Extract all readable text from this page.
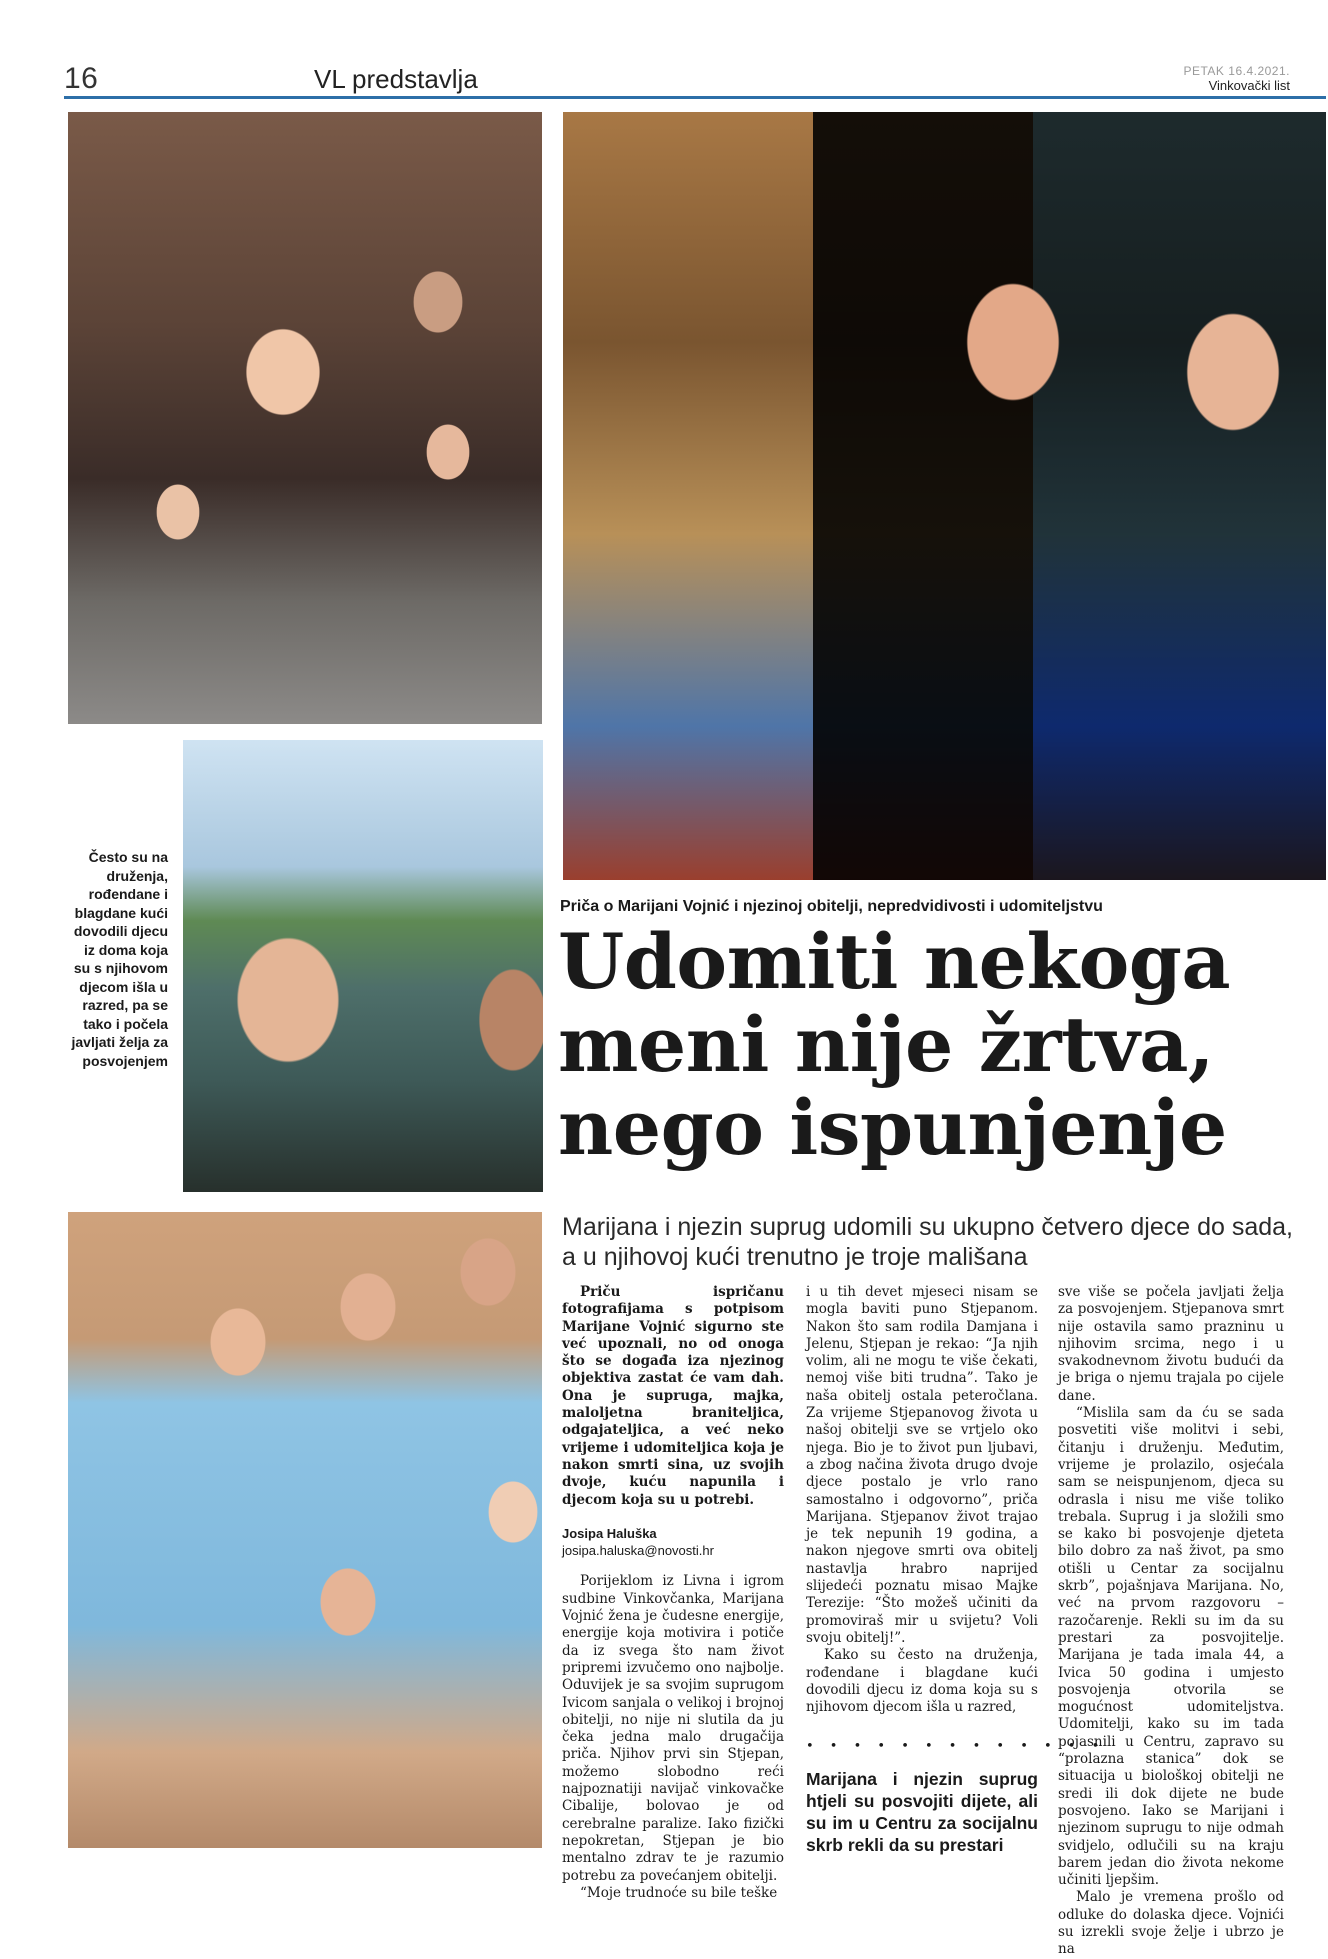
16	VL predstavlja	PETAK 16.4.2021.
Vinkovački list
Često su na druženja, rođendane i blagdane kući dovodili djecu iz doma koja su s njihovom djecom išla u razred, pa se tako i počela javljati želja za posvojenjem
Priča o Marijani Vojnić i njezinoj obitelji, nepredvidivosti i udomiteljstvu
Udomiti nekoga
meni nije žrtva,
nego ispunjenje
Marijana i njezin suprug udomili su ukupno četvero djece do sada, a u njihovoj kući trenutno je troje mališana

Priču ispričanu fotografijama s potpisom Marijane Vojnić sigurno ste već upoznali, no od onoga što se događa iza njezinog objektiva zastat će vam dah. Ona je supruga, majka, maloljetna braniteljica, odgajateljica, a već neko vrijeme i udomiteljica koja je nakon smrti sina, uz svojih dvoje, kuću napunila i djecom koja su u potrebi.

Josipa Haluška
josipa.haluska@novosti.hr

Porijeklom iz Livna i igrom sudbine Vinkovčanka, Marijana Vojnić žena je čudesne energije, energije koja motivira i potiče da iz svega što nam život pripremi izvučemo ono najbolje. Oduvijek je sa svojim suprugom Ivicom sanjala o velikoj i brojnoj obitelji, no nije ni slutila da ju čeka jedna malo drugačija priča. Njihov prvi sin Stjepan, možemo slobodno reći najpoznatiji navijač vinkovačke Cibalije, bolovao je od cerebralne paralize. Iako fizički nepokretan, Stjepan je bio mentalno zdrav te je razumio potrebu za povećanjem obitelji.

“Moje trudnoće su bile teške

i u tih devet mjeseci nisam se mogla baviti puno Stjepanom. Nakon što sam rodila Damjana i Jelenu, Stjepan je rekao: “Ja njih volim, ali ne mogu te više čekati, nemoj više biti trudna”. Tako je naša obitelj ostala peteročlana. Za vrijeme Stjepanovog života u našoj obitelji sve se vrtjelo oko njega. Bio je to život pun ljubavi, a zbog načina života drugo dvoje djece postalo je vrlo rano samostalno i odgovorno”, priča Marijana. Stjepanov život trajao je tek nepunih 19 godina, a nakon njegove smrti ova obitelj nastavlja hrabro naprijed slijedeći poznatu misao Majke Terezije: “Što možeš učiniti da promoviraš mir u svijetu? Voli svoju obitelj!”.

Kako su često na druženja, rođendane i blagdane kući dovodili djecu iz doma koja su s njihovom djecom išla u razred,

• • • • • • • • • • • • •
Marijana i njezin suprug htjeli su posvojiti dijete, ali su im u Centru za socijalnu skrb rekli da su prestari

sve više se počela javljati želja za posvojenjem. Stjepanova smrt nije ostavila samo prazninu u njihovim srcima, nego i u svakodnevnom životu budući da je briga o njemu trajala po cijele dane.

“Mislila sam da ću se sada posvetiti više molitvi i sebi, čitanju i druženju. Međutim, vrijeme je prolazilo, osjećala sam se neispunjenom, djeca su odrasla i nisu me više toliko trebala. Suprug i ja složili smo se kako bi posvojenje djeteta bilo dobro za naš život, pa smo otišli u Centar za socijalnu skrb”, pojašnjava Marijana. No, već na prvom razgovoru – razočarenje. Rekli su im da su prestari za posvojitelje. Marijana je tada imala 44, a Ivica 50 godina i umjesto posvojenja otvorila se mogućnost udomiteljstva. Udomitelji, kako su im tada pojasnili u Centru, zapravo su “prolazna stanica” dok se situacija u biološkoj obitelji ne sredi ili dok dijete ne bude posvojeno. Iako se Marijani i njezinom suprugu to nije odmah svidjelo, odlučili su na kraju barem jedan dio života nekome učiniti ljepšim.

Malo je vremena prošlo od odluke do dolaska djece. Vojnići su izrekli svoje želje i ubrzo je na
